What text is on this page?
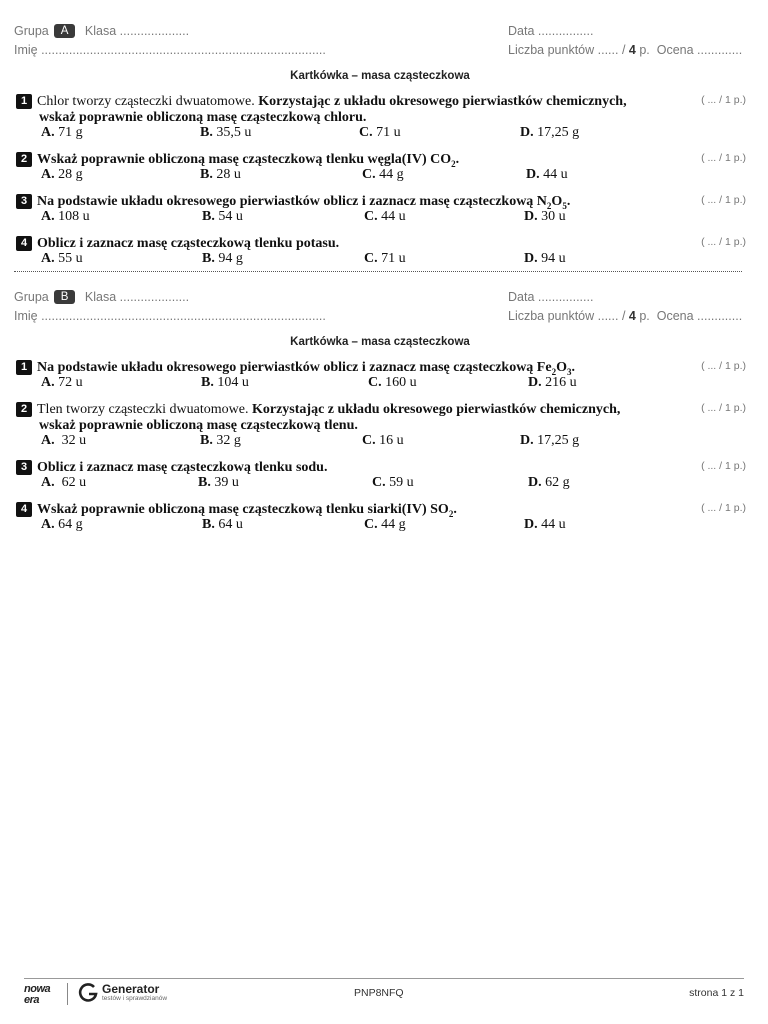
Grupa A Klasa ....................
Imię ..................................................................................
Data ................
Liczba punktów ...... / 4 p. Ocena .............
Kartkówka – masa cząsteczkowa
1 Chlor tworzy cząsteczki dwuatomowe. Korzystając z układu okresowego pierwiastków chemicznych,
wskaż poprawnie obliczoną masę cząsteczkową chloru.
( ... / 1 p.)
A. 71 g	B. 35,5 u	C. 71 u	D. 17,25 g
2 Wskaż poprawnie obliczoną masę cząsteczkową tlenku węgla(IV) $CO_2$.	( ... / 1 p.)
A. 28 g	B. 28 u	C. 44 g	D. 44 u
3 Na podstawie układu okresowego pierwiastków oblicz i zaznacz masę cząsteczkową $N_2O_5$.	( ... / 1 p.)
A. 108 u	B. 54 u	C. 44 u	D. 30 u
4 Oblicz i zaznacz masę cząsteczkową tlenku potasu.	( ... / 1 p.)
A. 55 u	B. 94 g	C. 71 u	D. 94 u
Grupa B Klasa ....................
Imię ..................................................................................
Data ................
Liczba punktów ...... / 4 p. Ocena .............
Kartkówka – masa cząsteczkowa
1 Na podstawie układu okresowego pierwiastków oblicz i zaznacz masę cząsteczkową $Fe_2O_3$.	( ... / 1 p.)
A. 72 u	B. 104 u	C. 160 u	D. 216 u
2 Tlen tworzy cząsteczki dwuatomowe. Korzystając z układu okresowego pierwiastków chemicznych,
wskaż poprawnie obliczoną masę cząsteczkową tlenu.
( ... / 1 p.)
A. 32 u	B. 32 g	C. 16 u	D. 17,25 g
3 Oblicz i zaznacz masę cząsteczkową tlenku sodu.	( ... / 1 p.)
A. 62 u	B. 39 u	C. 59 u	D. 62 g
4 Wskaż poprawnie obliczoną masę cząsteczkową tlenku siarki(IV) $SO_2$.	( ... / 1 p.)
A. 64 g	B. 64 u	C. 44 g	D. 44 u
nowa era
Generator
testów i sprawdzianów	PNP8NFQ	strona 1 z 1
